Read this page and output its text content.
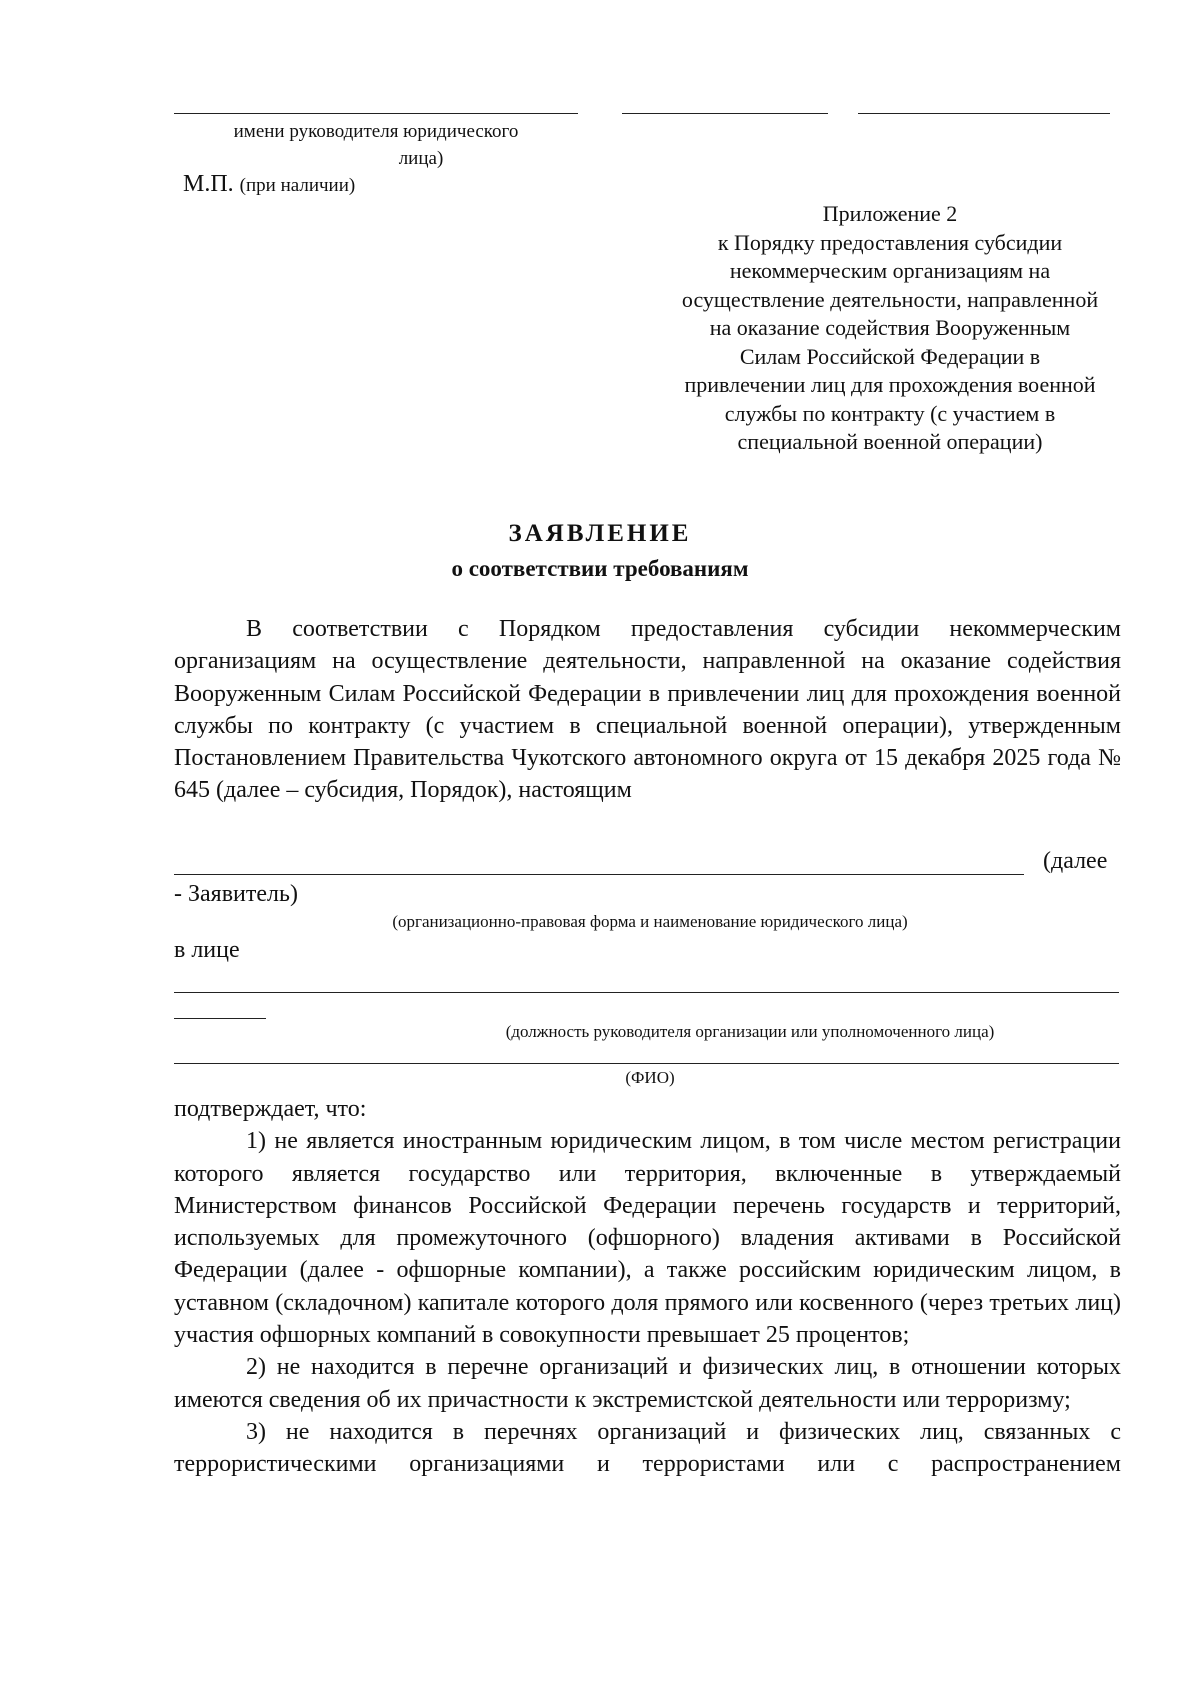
имени руководителя юридического
лица)
М.П. (при наличии)
Приложение 2
к Порядку предоставления субсидии
некоммерческим организациям на
осуществление деятельности, направленной
на оказание содействия Вооруженным
Силам Российской Федерации в
привлечении лиц для прохождения военной
службы по контракту (с участием в
специальной военной операции)
ЗАЯВЛЕНИЕ
о соответствии требованиям

В соответствии с Порядком предоставления субсидии некоммерческим организациям на осуществление деятельности, направленной на оказание содействия Вооруженным Силам Российской Федерации в привлечении лиц для прохождения военной службы по контракту (с участием в специальной военной операции), утвержденным Постановлением Правительства Чукотского автономного округа от 15 декабря 2025 года № 645 (далее – субсидия, Порядок), настоящим

(далее
- Заявитель)
(организационно-правовая форма и наименование юридического лица)
в лице
(должность руководителя организации или уполномоченного лица)
(ФИО)

подтверждает, что:

1) не является иностранным юридическим лицом, в том числе местом регистрации которого является государство или территория, включенные в утверждаемый Министерством финансов Российской Федерации перечень государств и территорий, используемых для промежуточного (офшорного) владения активами в Российской Федерации (далее - офшорные компании), а также российским юридическим лицом, в уставном (складочном) капитале которого доля прямого или косвенного (через третьих лиц) участия офшорных компаний в совокупности превышает 25 процентов;

2) не находится в перечне организаций и физических лиц, в отношении которых имеются сведения об их причастности к экстремистской деятельности или терроризму;

3) не находится в перечнях организаций и физических лиц, связанных с террористическими организациями и террористами или с распространением
